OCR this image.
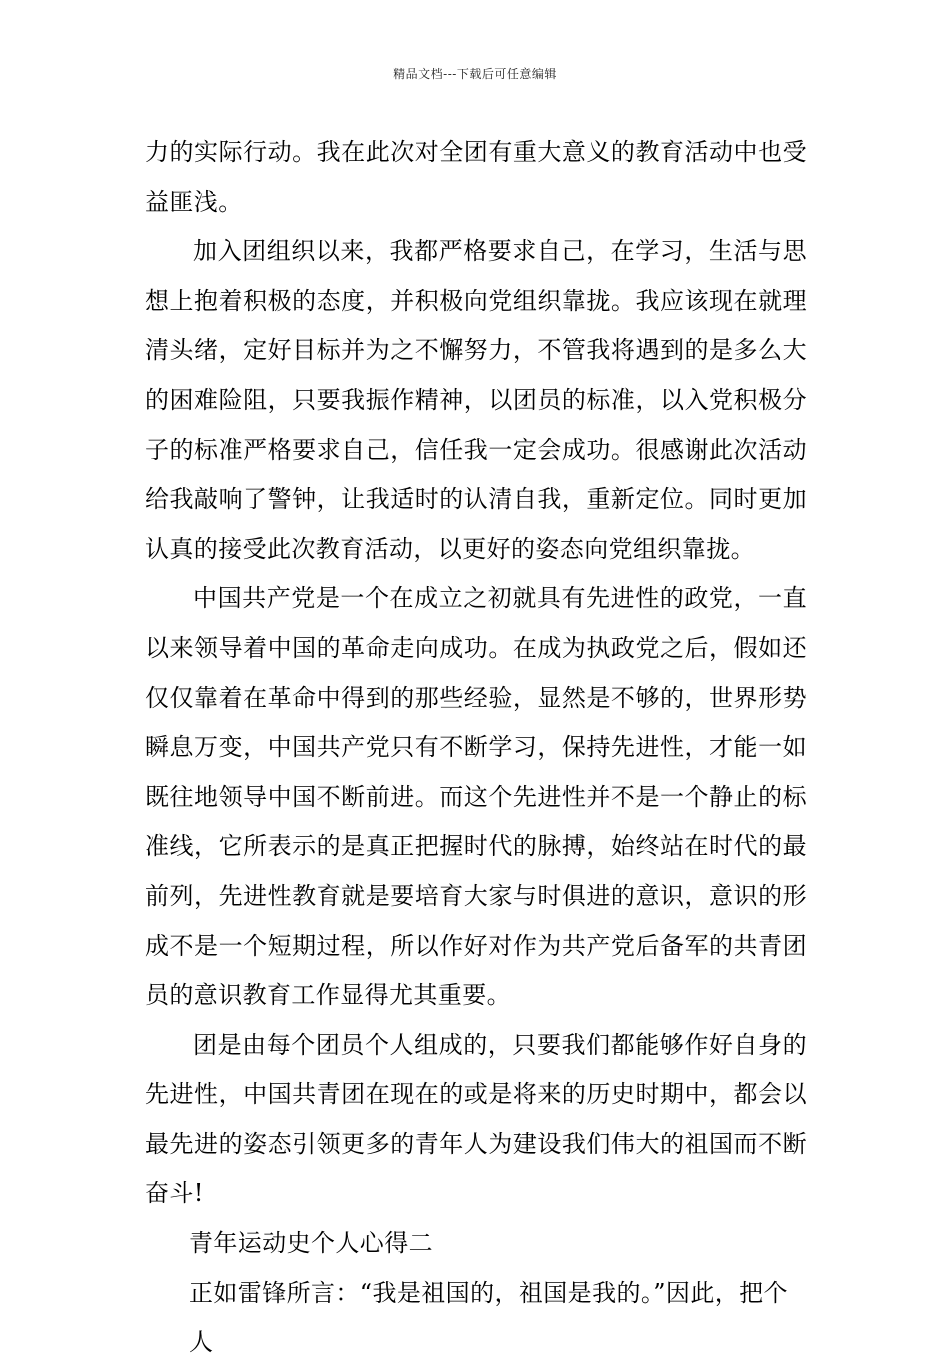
精品文档---下载后可任意编辑

力的实际行动。我在此次对全团有重大意义的教育活动中也受益匪浅。

加入团组织以来，我都严格要求自己，在学习，生活与思想上抱着积极的态度，并积极向党组织靠拢。我应该现在就理清头绪，定好目标并为之不懈努力，不管我将遇到的是多么大的困难险阻，只要我振作精神，以团员的标准，以入党积极分子的标准严格要求自己，信任我一定会成功。很感谢此次活动给我敲响了警钟，让我适时的认清自我，重新定位。同时更加认真的接受此次教育活动，以更好的姿态向党组织靠拢。

中国共产党是一个在成立之初就具有先进性的政党，一直以来领导着中国的革命走向成功。在成为执政党之后，假如还仅仅靠着在革命中得到的那些经验，显然是不够的，世界形势瞬息万变，中国共产党只有不断学习，保持先进性，才能一如既往地领导中国不断前进。而这个先进性并不是一个静止的标准线，它所表示的是真正把握时代的脉搏，始终站在时代的最前列，先进性教育就是要培育大家与时俱进的意识，意识的形成不是一个短期过程，所以作好对作为共产党后备军的共青团员的意识教育工作显得尤其重要。

团是由每个团员个人组成的，只要我们都能够作好自身的先进性，中国共青团在现在的或是将来的历史时期中，都会以最先进的姿态引领更多的青年人为建设我们伟大的祖国而不断奋斗!

青年运动史个人心得二

正如雷锋所言：“我是祖国的，祖国是我的。”因此，把个人
